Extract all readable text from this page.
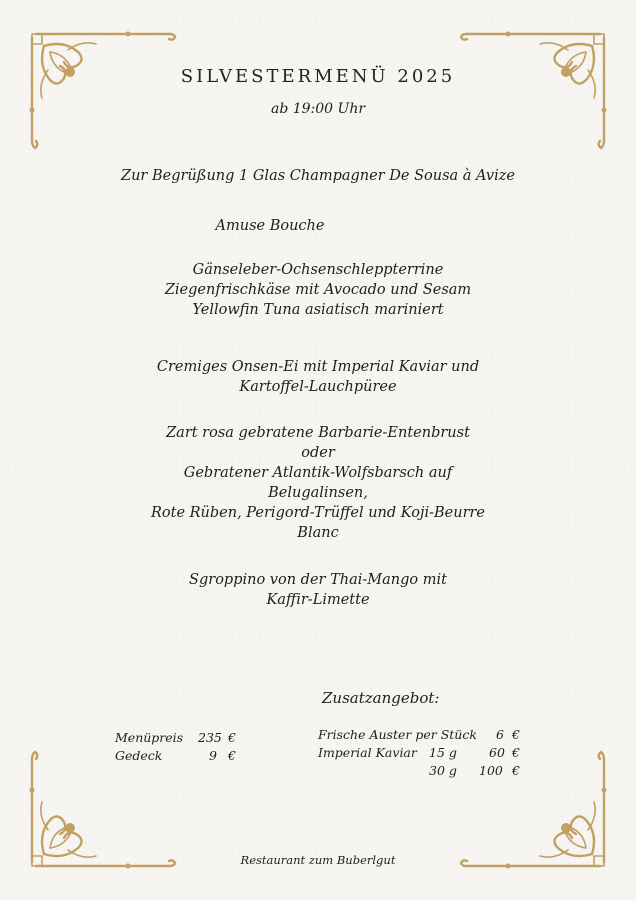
SILVESTERMENÜ 2025
ab 19:00 Uhr
Zur Begrüßung 1 Glas Champagner De Sousa à Avize
Amuse Bouche
Gänseleber-Ochsenschleppterrine
Ziegenfrischkäse mit Avocado und Sesam
Yellowfin Tuna asiatisch mariniert
Cremiges Onsen-Ei mit Imperial Kaviar und
Kartoffel-Lauchpüree
Zart rosa gebratene Barbarie-Entenbrust
oder
Gebratener Atlantik-Wolfsbarsch auf
Belugalinsen,
Rote Rüben, Perigord-Trüffel und Koji-Beurre
Blanc
Sgroppino von der Thai-Mango mit
Kaffir-Limette
Zusatzangebot:
Menüpreis 235 €
Gedeck	9 €
Frische Auster per Stück 6 €
Imperial Kaviar 15 g	60 €
30 g 100 €
Restaurant zum Buberlgut
